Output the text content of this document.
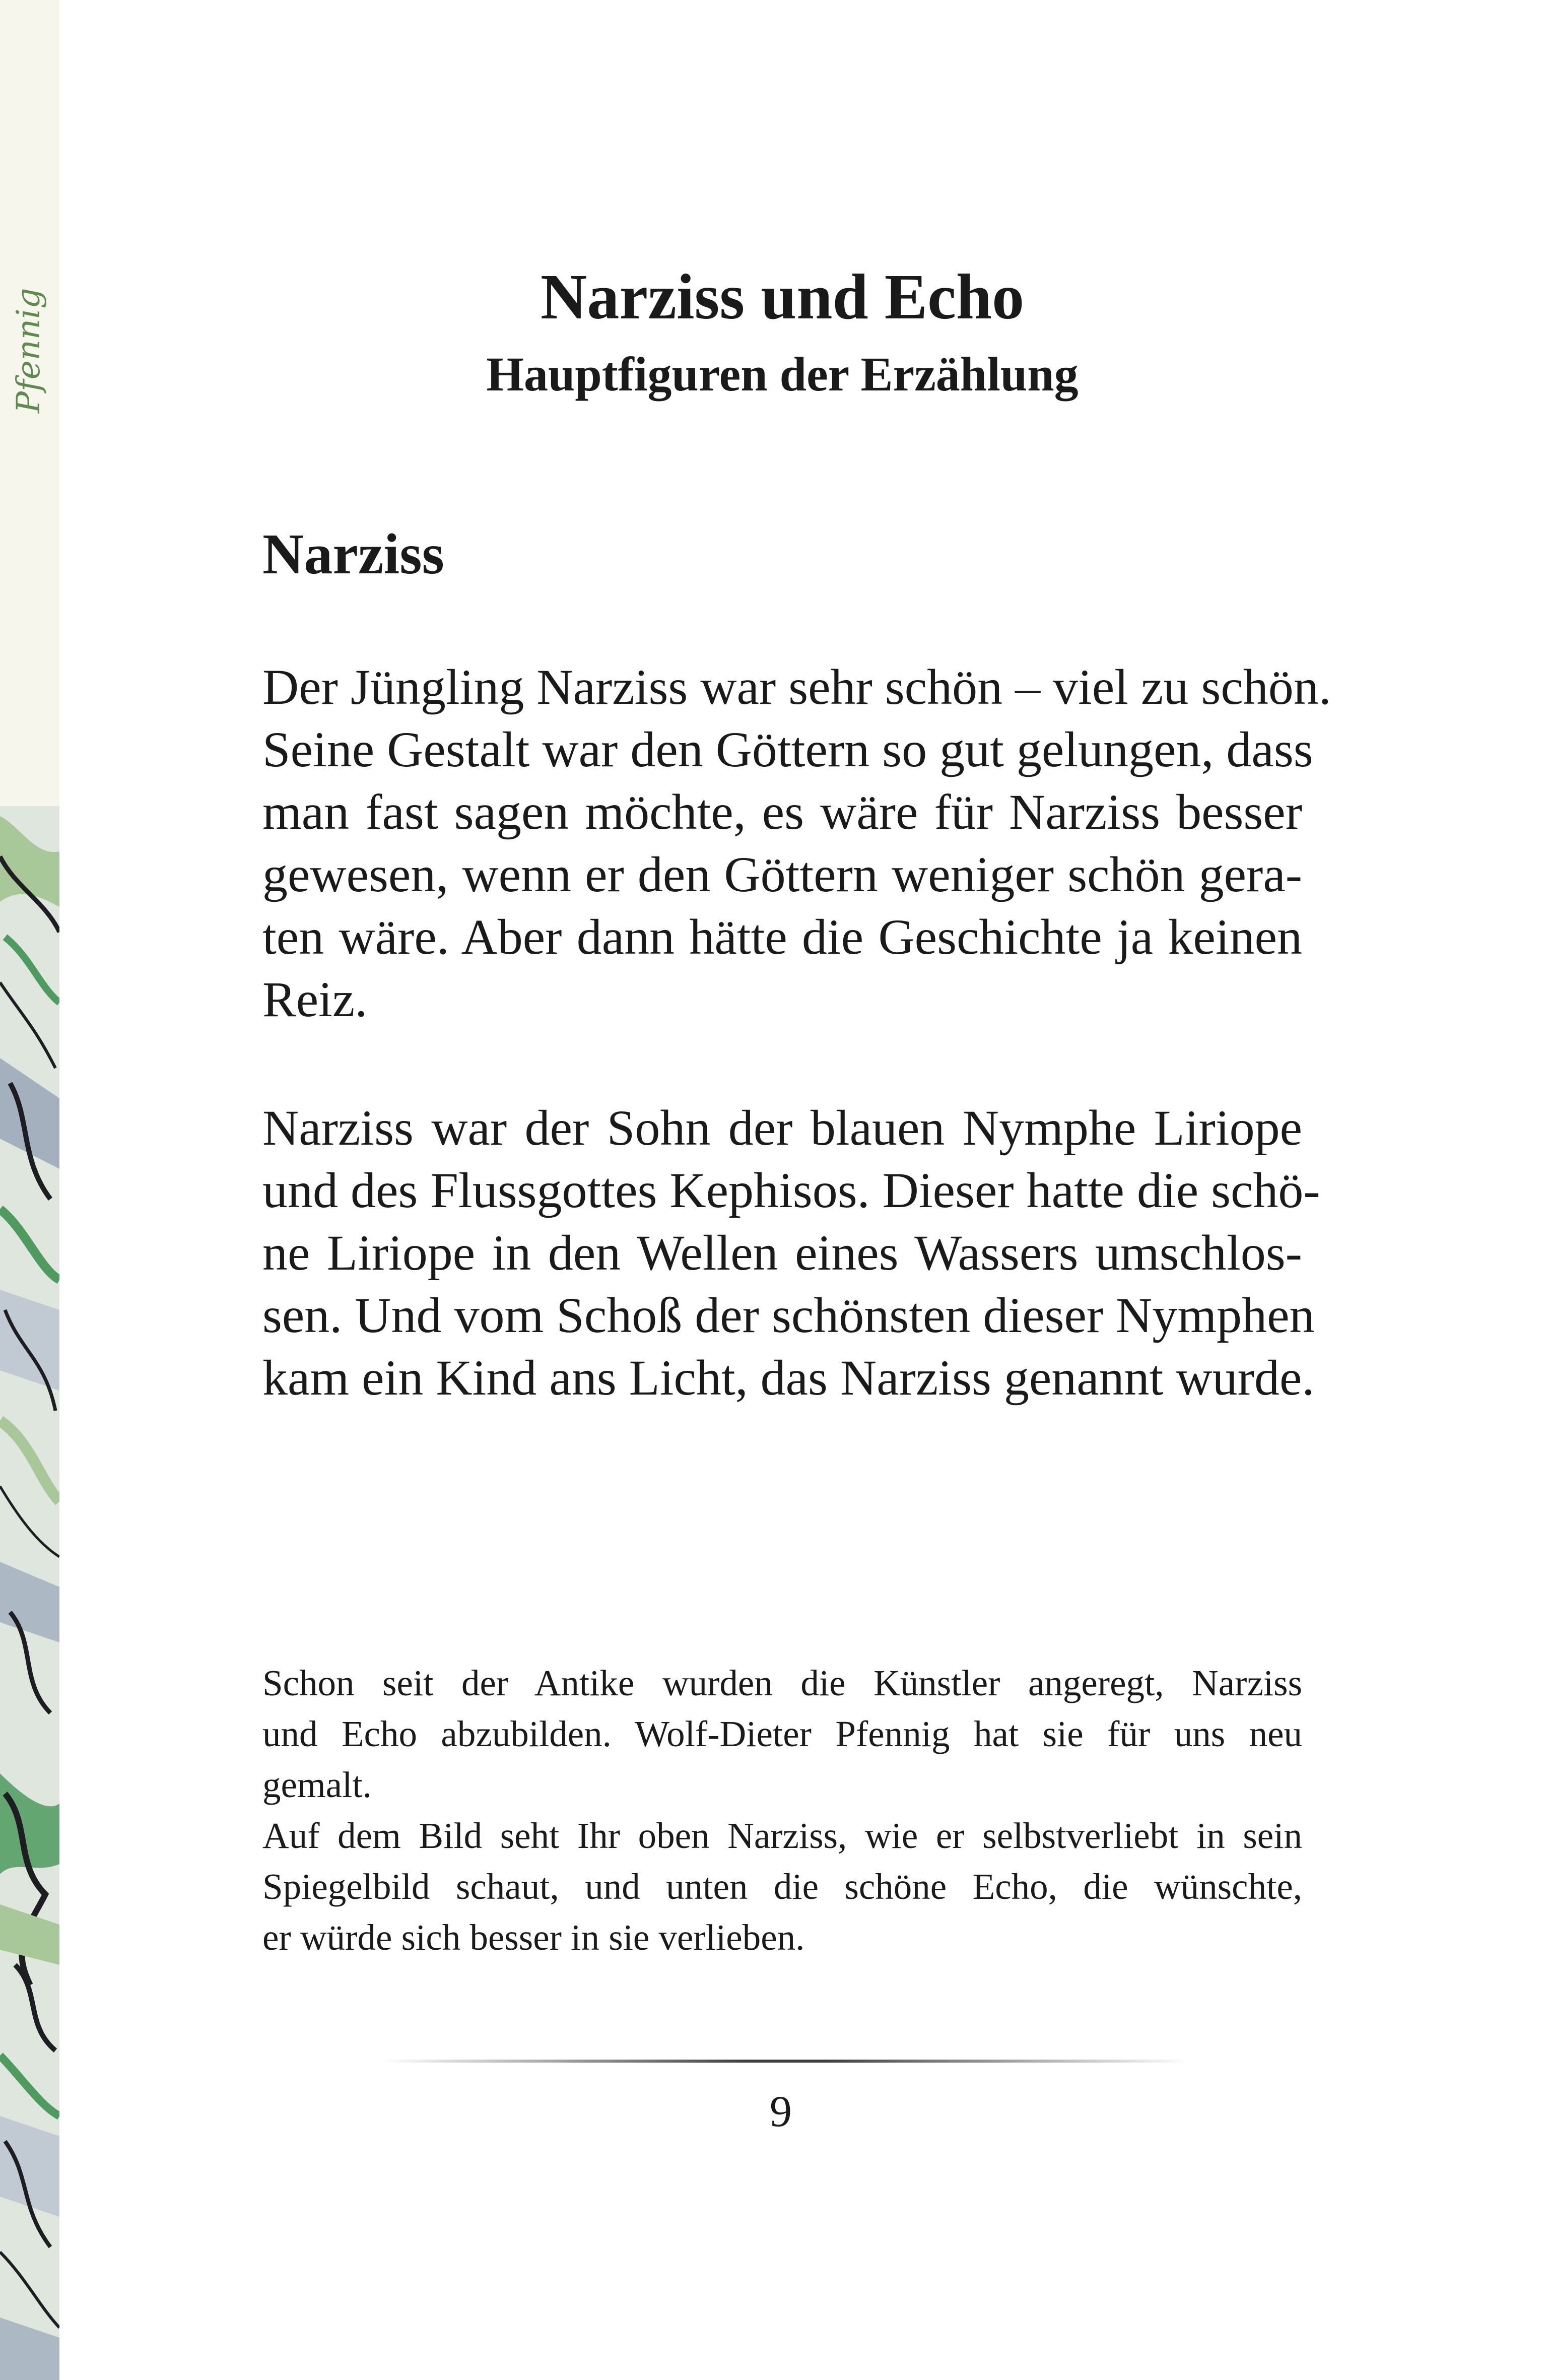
Pfennig	Narziss und Echo
Hauptfiguren der Erzählung
Narziss

Der Jüngling Narziss war sehr schön – viel zu schön.
Seine Gestalt war den Göttern so gut gelungen, dass
man fast sagen möchte, es wäre für Narziss besser
gewesen, wenn er den Göttern weniger schön gera-
ten wäre. Aber dann hätte die Geschichte ja keinen
Reiz.

Narziss war der Sohn der blauen Nymphe Liriope
und des Flussgottes Kephisos. Dieser hatte die schö-
ne Liriope in den Wellen eines Wassers umschlos-
sen. Und vom Schoß der schönsten dieser Nymphen
kam ein Kind ans Licht, das Narziss genannt wurde.

Schon seit der Antike wurden die Künstler angeregt, Narziss
und Echo abzubilden. Wolf-Dieter Pfennig hat sie für uns neu
gemalt.
Auf dem Bild seht Ihr oben Narziss, wie er selbstverliebt in sein
Spiegelbild schaut, und unten die schöne Echo, die wünschte,
er würde sich besser in sie verlieben.

9
